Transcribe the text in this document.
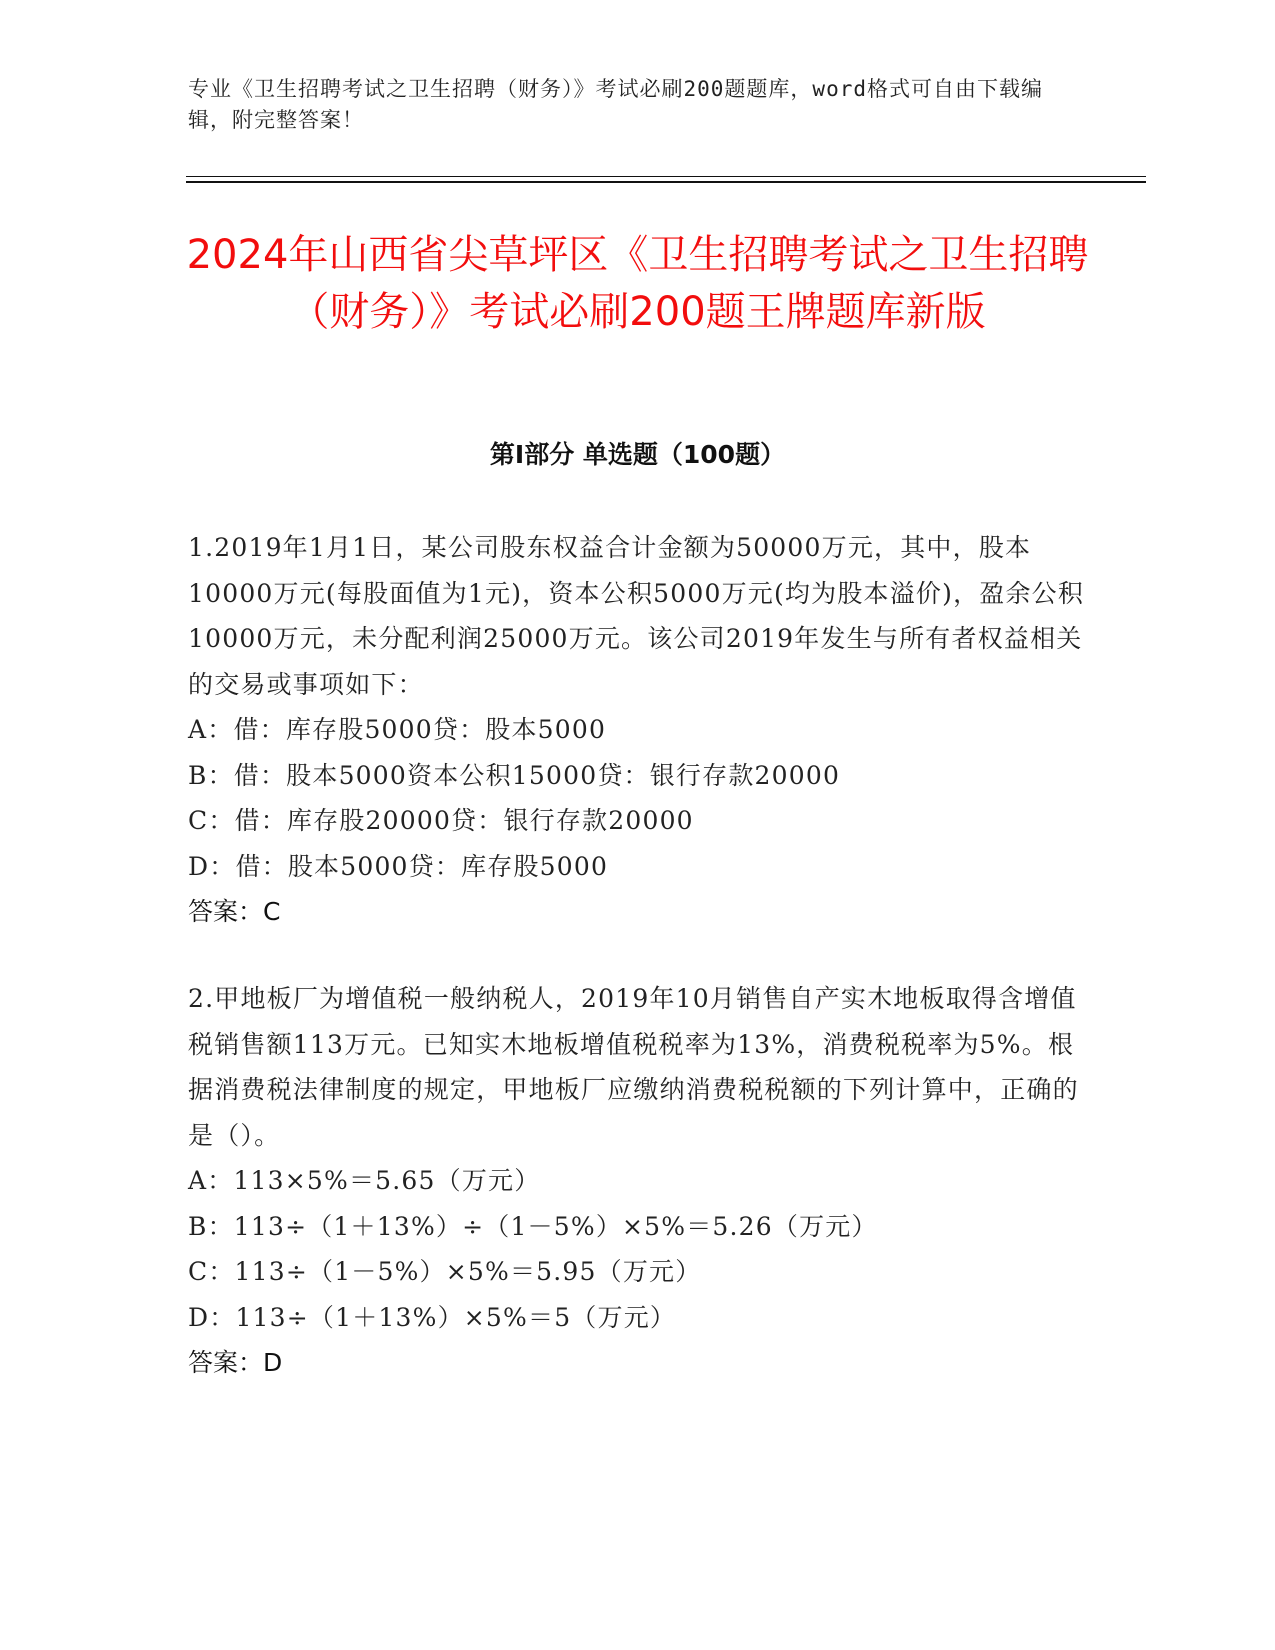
专业《卫生招聘考试之卫生招聘（财务）》考试必刷200题题库，word格式可自由下载编辑，附完整答案！
2024年山西省尖草坪区《卫生招聘考试之卫生招聘（财务）》考试必刷200题王牌题库新版
第I部分 单选题（100题）

1.2019年1月1日，某公司股东权益合计金额为50000万元，其中，股本10000万元(每股面值为1元)，资本公积5000万元(均为股本溢价)，盈余公积10000万元，未分配利润25000万元。该公司2019年发生与所有者权益相关的交易或事项如下：

A：借：库存股5000贷：股本5000

B：借：股本5000资本公积15000贷：银行存款20000

C：借：库存股20000贷：银行存款20000

D：借：股本5000贷：库存股5000

答案：C

2.甲地板厂为增值税一般纳税人，2019年10月销售自产实木地板取得含增值税销售额113万元。已知实木地板增值税税率为13%，消费税税率为5%。根据消费税法律制度的规定，甲地板厂应缴纳消费税税额的下列计算中，正确的是（）。

A：113×5%＝5.65（万元）

B：113÷（1＋13%）÷（1－5%）×5%＝5.26（万元）

C：113÷（1－5%）×5%＝5.95（万元）

D：113÷（1＋13%）×5%＝5（万元）

答案：D
